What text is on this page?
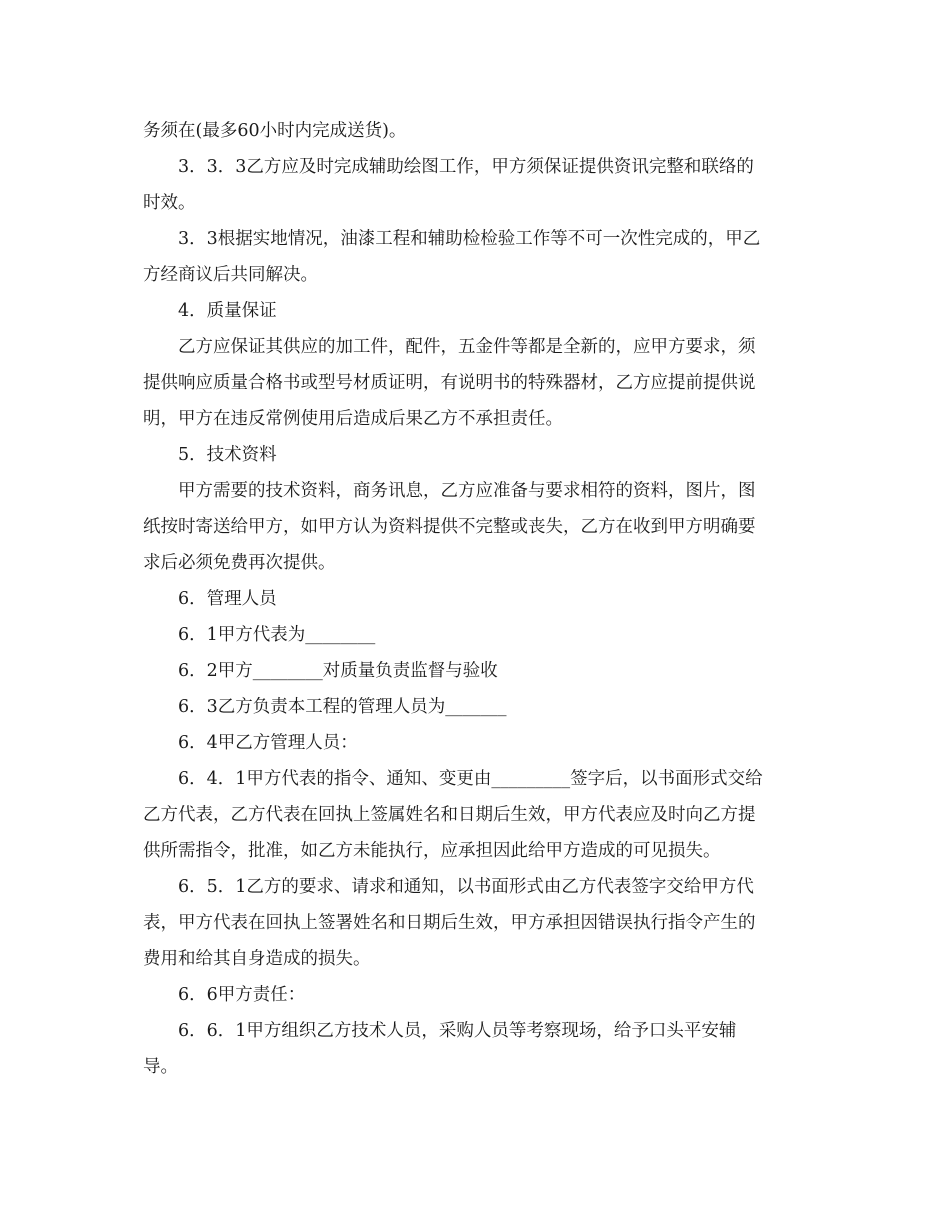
务须在(最多60小时内完成送货)。
3．3．3乙方应及时完成辅助绘图工作，甲方须保证提供资讯完整和联络的
时效。
3．3根据实地情况，油漆工程和辅助检检验工作等不可一次性完成的，甲乙
方经商议后共同解决。
4．质量保证
乙方应保证其供应的加工件，配件，五金件等都是全新的，应甲方要求，须
提供响应质量合格书或型号材质证明，有说明书的特殊器材，乙方应提前提供说
明，甲方在违反常例使用后造成后果乙方不承担责任。
5．技术资料
甲方需要的技术资料，商务讯息，乙方应准备与要求相符的资料，图片，图
纸按时寄送给甲方，如甲方认为资料提供不完整或丧失，乙方在收到甲方明确要
求后必须免费再次提供。
6．管理人员
6．1甲方代表为________
6．2甲方________对质量负责监督与验收
6．3乙方负责本工程的管理人员为_______
6．4甲乙方管理人员：
6．4．1甲方代表的指令、通知、变更由_________签字后，以书面形式交给
乙方代表，乙方代表在回执上签属姓名和日期后生效，甲方代表应及时向乙方提
供所需指令，批准，如乙方未能执行，应承担因此给甲方造成的可见损失。
6．5．1乙方的要求、请求和通知，以书面形式由乙方代表签字交给甲方代
表，甲方代表在回执上签署姓名和日期后生效，甲方承担因错误执行指令产生的
费用和给其自身造成的损失。
6．6甲方责任：
6．6．1甲方组织乙方技术人员，采购人员等考察现场，给予口头平安辅
导。
